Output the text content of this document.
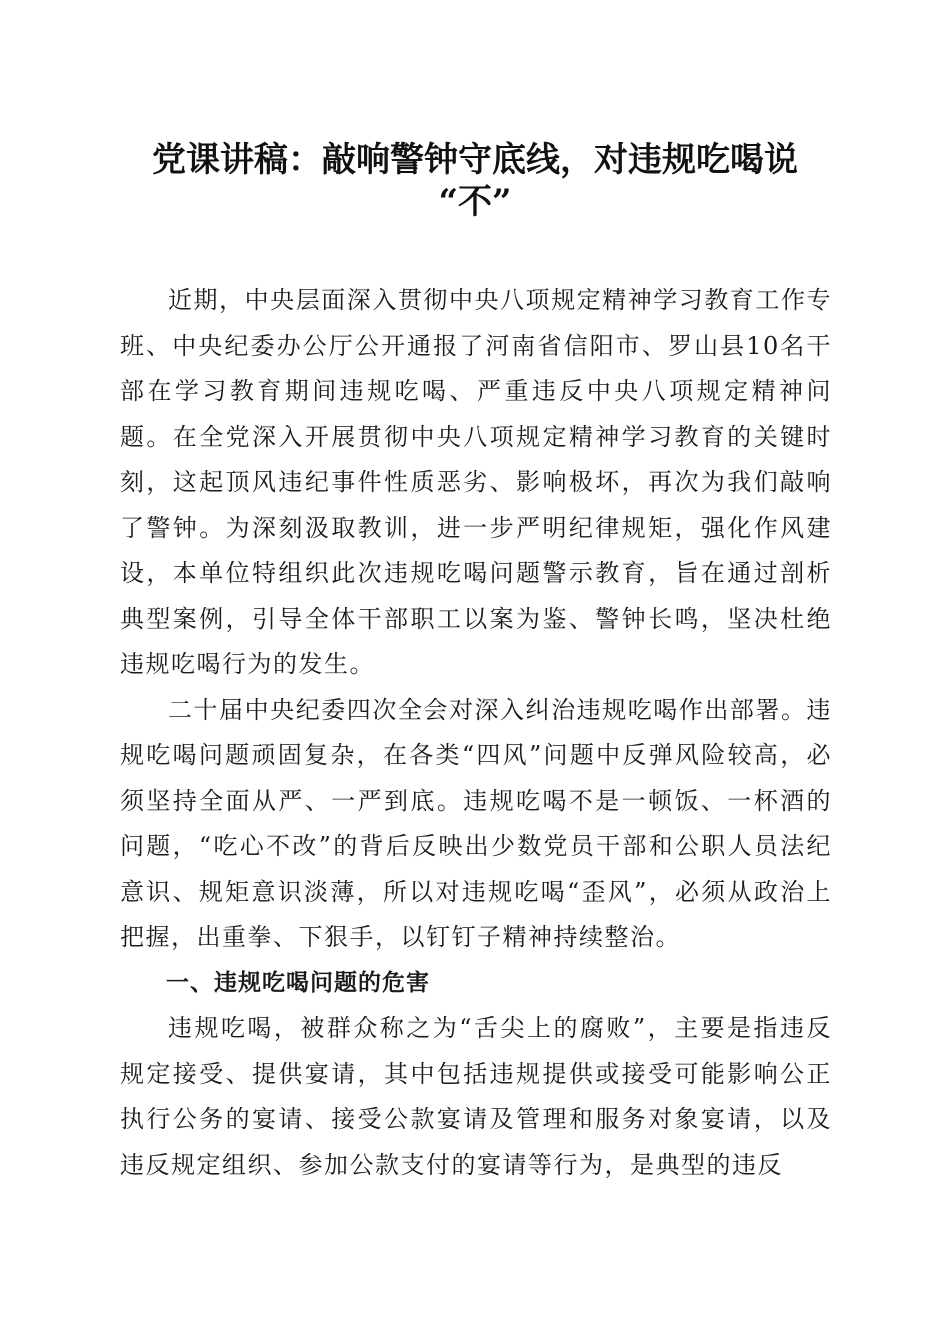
党课讲稿：敲响警钟守底线，对违规吃喝说
“不”

近期，中央层面深入贯彻中央八项规定精神学习教育工作专班、中央纪委办公厅公开通报了河南省信阳市、罗山县10名干部在学习教育期间违规吃喝、严重违反中央八项规定精神问题。在全党深入开展贯彻中央八项规定精神学习教育的关键时刻，这起顶风违纪事件性质恶劣、影响极坏，再次为我们敲响了警钟。为深刻汲取教训，进一步严明纪律规矩，强化作风建设，本单位特组织此次违规吃喝问题警示教育，旨在通过剖析典型案例，引导全体干部职工以案为鉴、警钟长鸣，坚决杜绝违规吃喝行为的发生。

二十届中央纪委四次全会对深入纠治违规吃喝作出部署。违规吃喝问题顽固复杂，在各类“四风”问题中反弹风险较高，必须坚持全面从严、一严到底。违规吃喝不是一顿饭、一杯酒的问题，“吃心不改”的背后反映出少数党员干部和公职人员法纪意识、规矩意识淡薄，所以对违规吃喝“歪风”，必须从政治上把握，出重拳、下狠手，以钉钉子精神持续整治。

一、违规吃喝问题的危害

违规吃喝，被群众称之为“舌尖上的腐败”，主要是指违反规定接受、提供宴请，其中包括违规提供或接受可能影响公正执行公务的宴请、接受公款宴请及管理和服务对象宴请，以及违反规定组织、参加公款支付的宴请等行为，是典型的违反
